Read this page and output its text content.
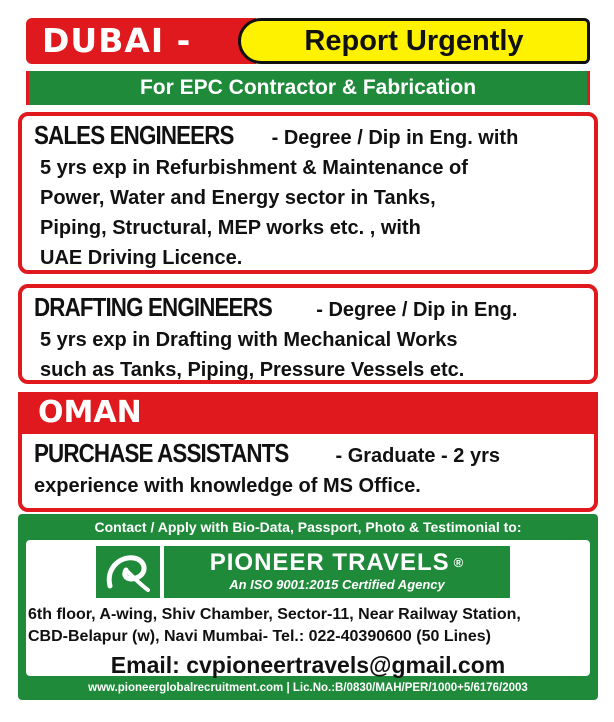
DUBAI -	Report Urgently
For EPC Contractor & Fabrication
SALES ENGINEERS - Degree / Dip in Eng. with
5 yrs exp in Refurbishment & Maintenance of
Power, Water and Energy sector in Tanks,
Piping, Structural, MEP works etc. , with
UAE Driving Licence.
DRAFTING ENGINEERS - Degree / Dip in Eng.
5 yrs exp in Drafting with Mechanical Works
such as Tanks, Piping, Pressure Vessels etc.
OMAN
PURCHASE ASSISTANTS - Graduate - 2 yrs
experience with knowledge of MS Office.
Contact / Apply with Bio-Data, Passport, Photo & Testimonial to:
PIONEER TRAVELS ®
An ISO 9001:2015 Certified Agency
6th floor, A-wing, Shiv Chamber, Sector-11, Near Railway Station,
CBD-Belapur (w), Navi Mumbai- Tel.: 022-40390600 (50 Lines)
Email: cvpioneertravels@gmail.com
www.pioneerglobalrecruitment.com | Lic.No.:B/0830/MAH/PER/1000+5/6176/2003
